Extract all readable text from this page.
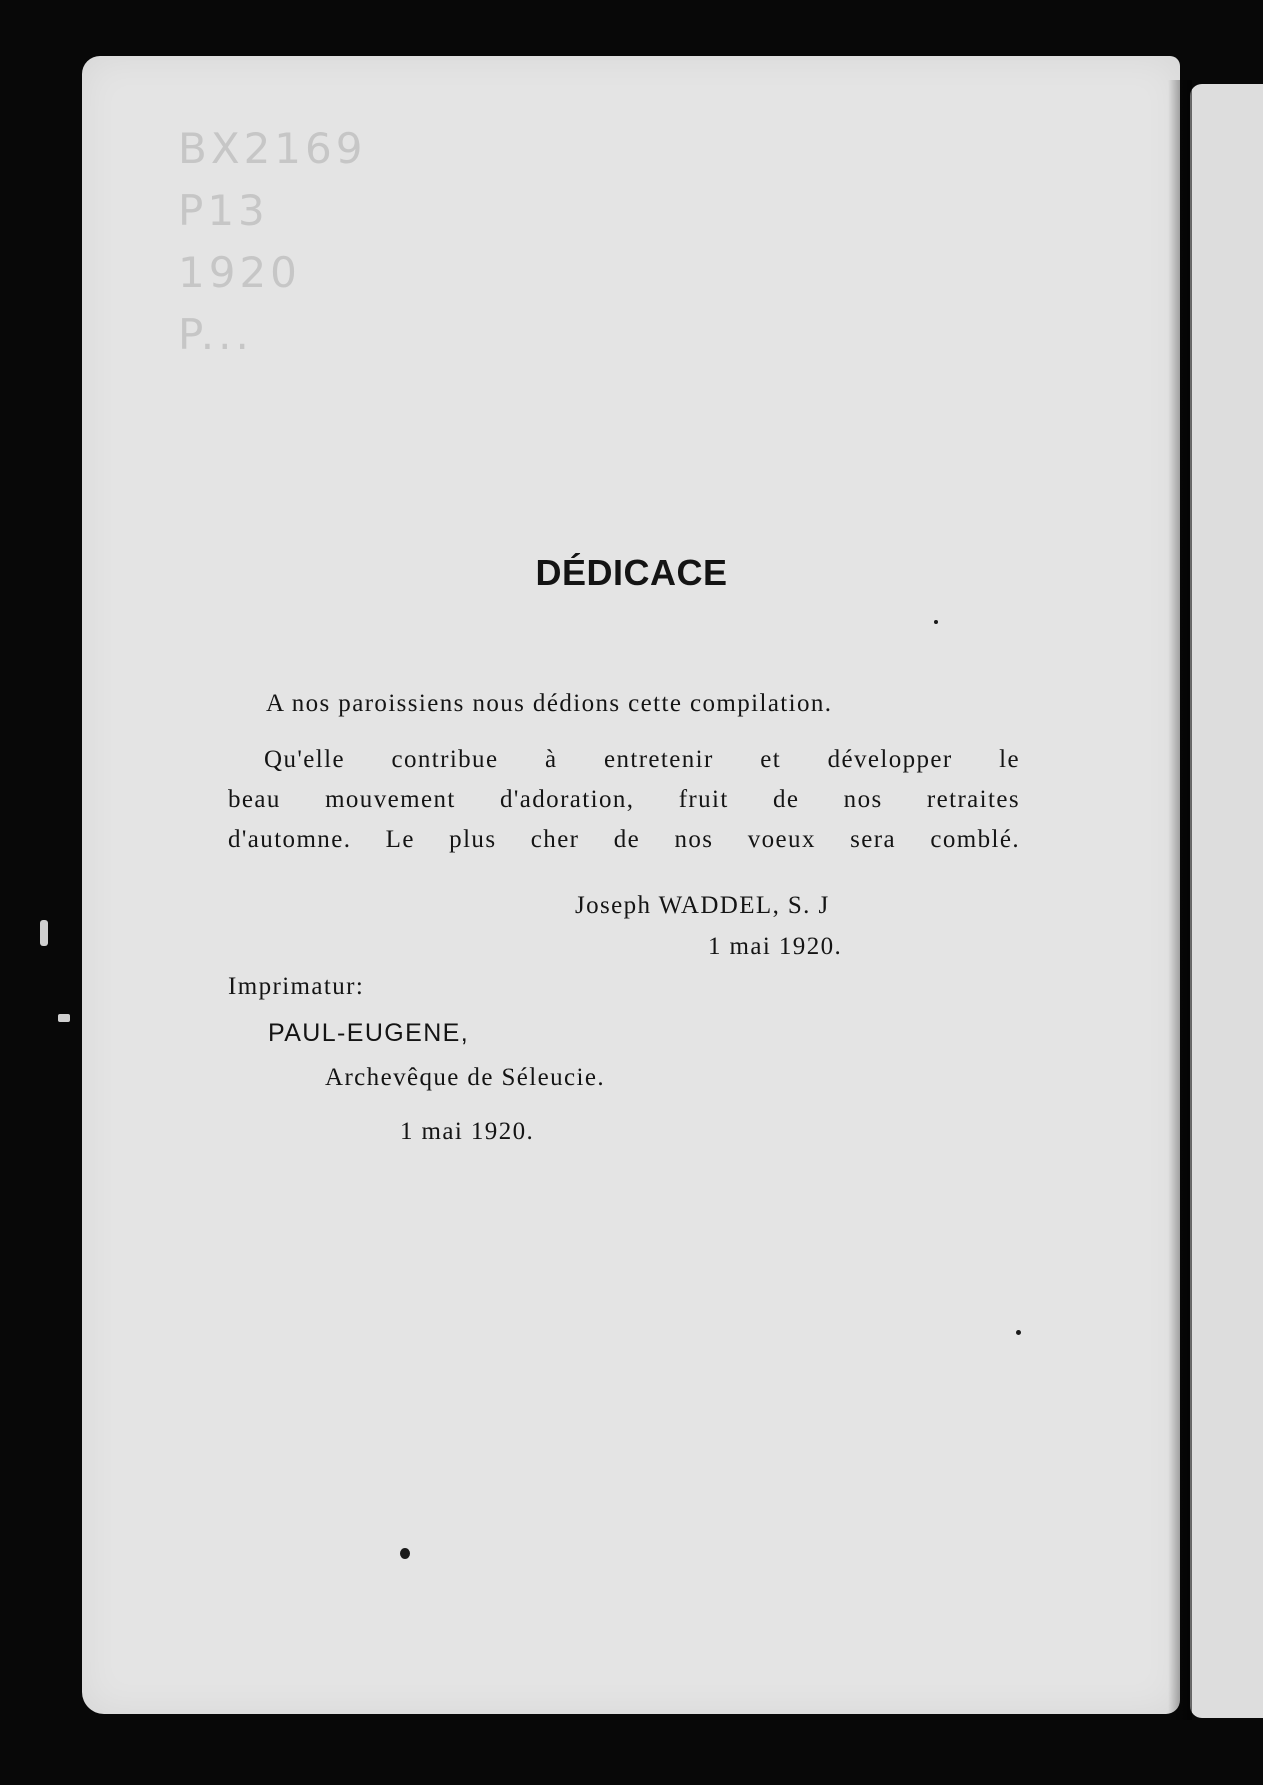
BX2169
P13
1920
P...
DÉDICACE
A nos paroissiens nous dédions cette compilation.
Qu'elle contribue à entretenir et développer le
beau mouvement d'adoration, fruit de nos retraites
d'automne. Le plus cher de nos voeux sera comblé.
Joseph WADDEL, S. J
1 mai 1920.
Imprimatur:
PAUL-EUGENE,
Archevêque de Séleucie.
1 mai 1920.
